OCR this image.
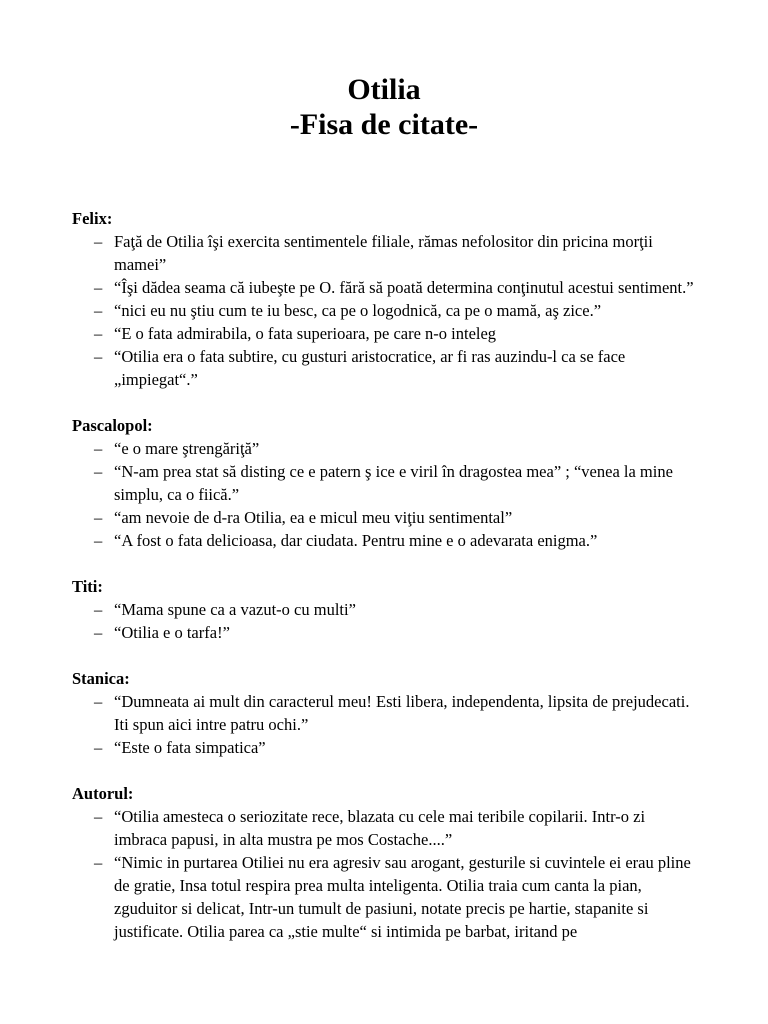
Otilia
-Fisa de citate-
Felix:
– Faţă de Otilia îşi exercita sentimentele filiale, rămas nefolositor din pricina morţii mamei”
– “Îşi dădea seama că iubeşte pe O. fără să poată determina conţinutul acestui sentiment.”
– “nici eu nu ştiu cum te iu besc, ca pe o logodnică, ca pe o mamă, aş zice.”
– “E o fata admirabila, o fata superioara, pe care n-o inteleg
– “Otilia era o fata subtire, cu gusturi aristocratice, ar fi ras auzindu-l ca se face „impiegat“.”
Pascalopol:
– “e o mare ştrengăriţă”
– “N-am prea stat să disting ce e patern ş ice e viril în dragostea mea” ; “venea la mine simplu, ca o fiică.”
– “am nevoie de d-ra Otilia, ea e micul meu viţiu sentimental”
– “A fost o fata delicioasa, dar ciudata. Pentru mine e o adevarata enigma.”
Titi:
– “Mama spune ca a vazut-o cu multi”
– “Otilia e o tarfa!”
Stanica:
– “Dumneata ai mult din caracterul meu! Esti libera, independenta, lipsita de prejudecati. Iti spun aici intre patru ochi.”
– “Este o fata simpatica”
Autorul:
– “Otilia amesteca o seriozitate rece, blazata cu cele mai teribile copilarii. Intr-o zi imbraca papusi, in alta mustra pe mos Costache....”
– “Nimic in purtarea Otiliei nu era agresiv sau arogant, gesturile si cuvintele ei erau pline de gratie, Insa totul respira prea multa inteligenta. Otilia traia cum canta la pian, zguduitor si delicat, Intr-un tumult de pasiuni, notate precis pe hartie, stapanite si justificate. Otilia parea ca „stie multe“ si intimida pe barbat, iritand pe
